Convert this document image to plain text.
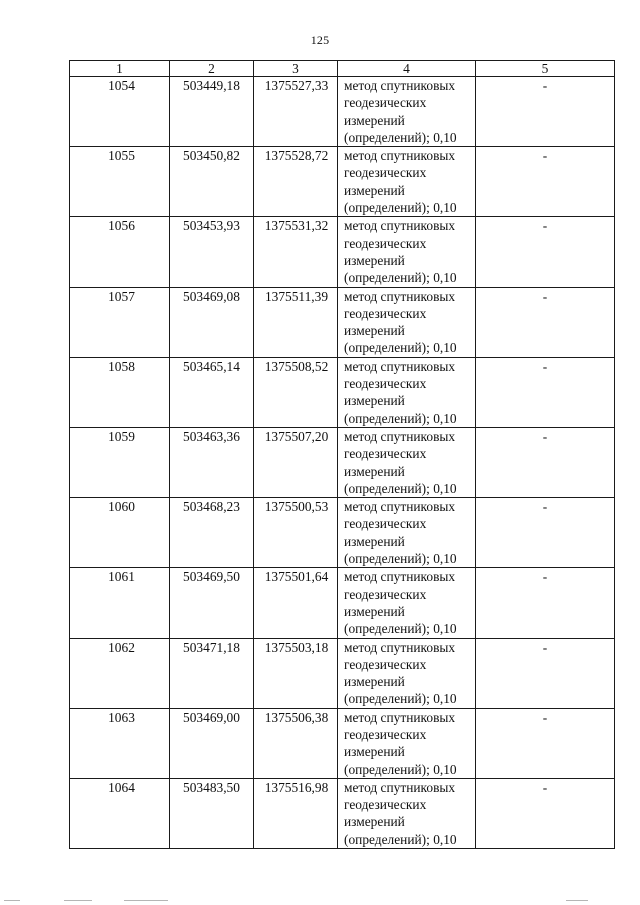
125
1	2	3	4	5

1054	503449,18	1375527,33	метод спутниковых
геодезических
измерений
(определений); 0,10	-

1055	503450,82	1375528,72	метод спутниковых
геодезических
измерений
(определений); 0,10	-

1056	503453,93	1375531,32	метод спутниковых
геодезических
измерений
(определений); 0,10	-

1057	503469,08	1375511,39	метод спутниковых
геодезических
измерений
(определений); 0,10	-

1058	503465,14	1375508,52	метод спутниковых
геодезических
измерений
(определений); 0,10	-

1059	503463,36	1375507,20	метод спутниковых
геодезических
измерений
(определений); 0,10	-

1060	503468,23	1375500,53	метод спутниковых
геодезических
измерений
(определений); 0,10	-

1061	503469,50	1375501,64	метод спутниковых
геодезических
измерений
(определений); 0,10	-

1062	503471,18	1375503,18	метод спутниковых
геодезических
измерений
(определений); 0,10	-

1063	503469,00	1375506,38	метод спутниковых
геодезических
измерений
(определений); 0,10	-

1064	503483,50	1375516,98	метод спутниковых
геодезических
измерений
(определений); 0,10	-
